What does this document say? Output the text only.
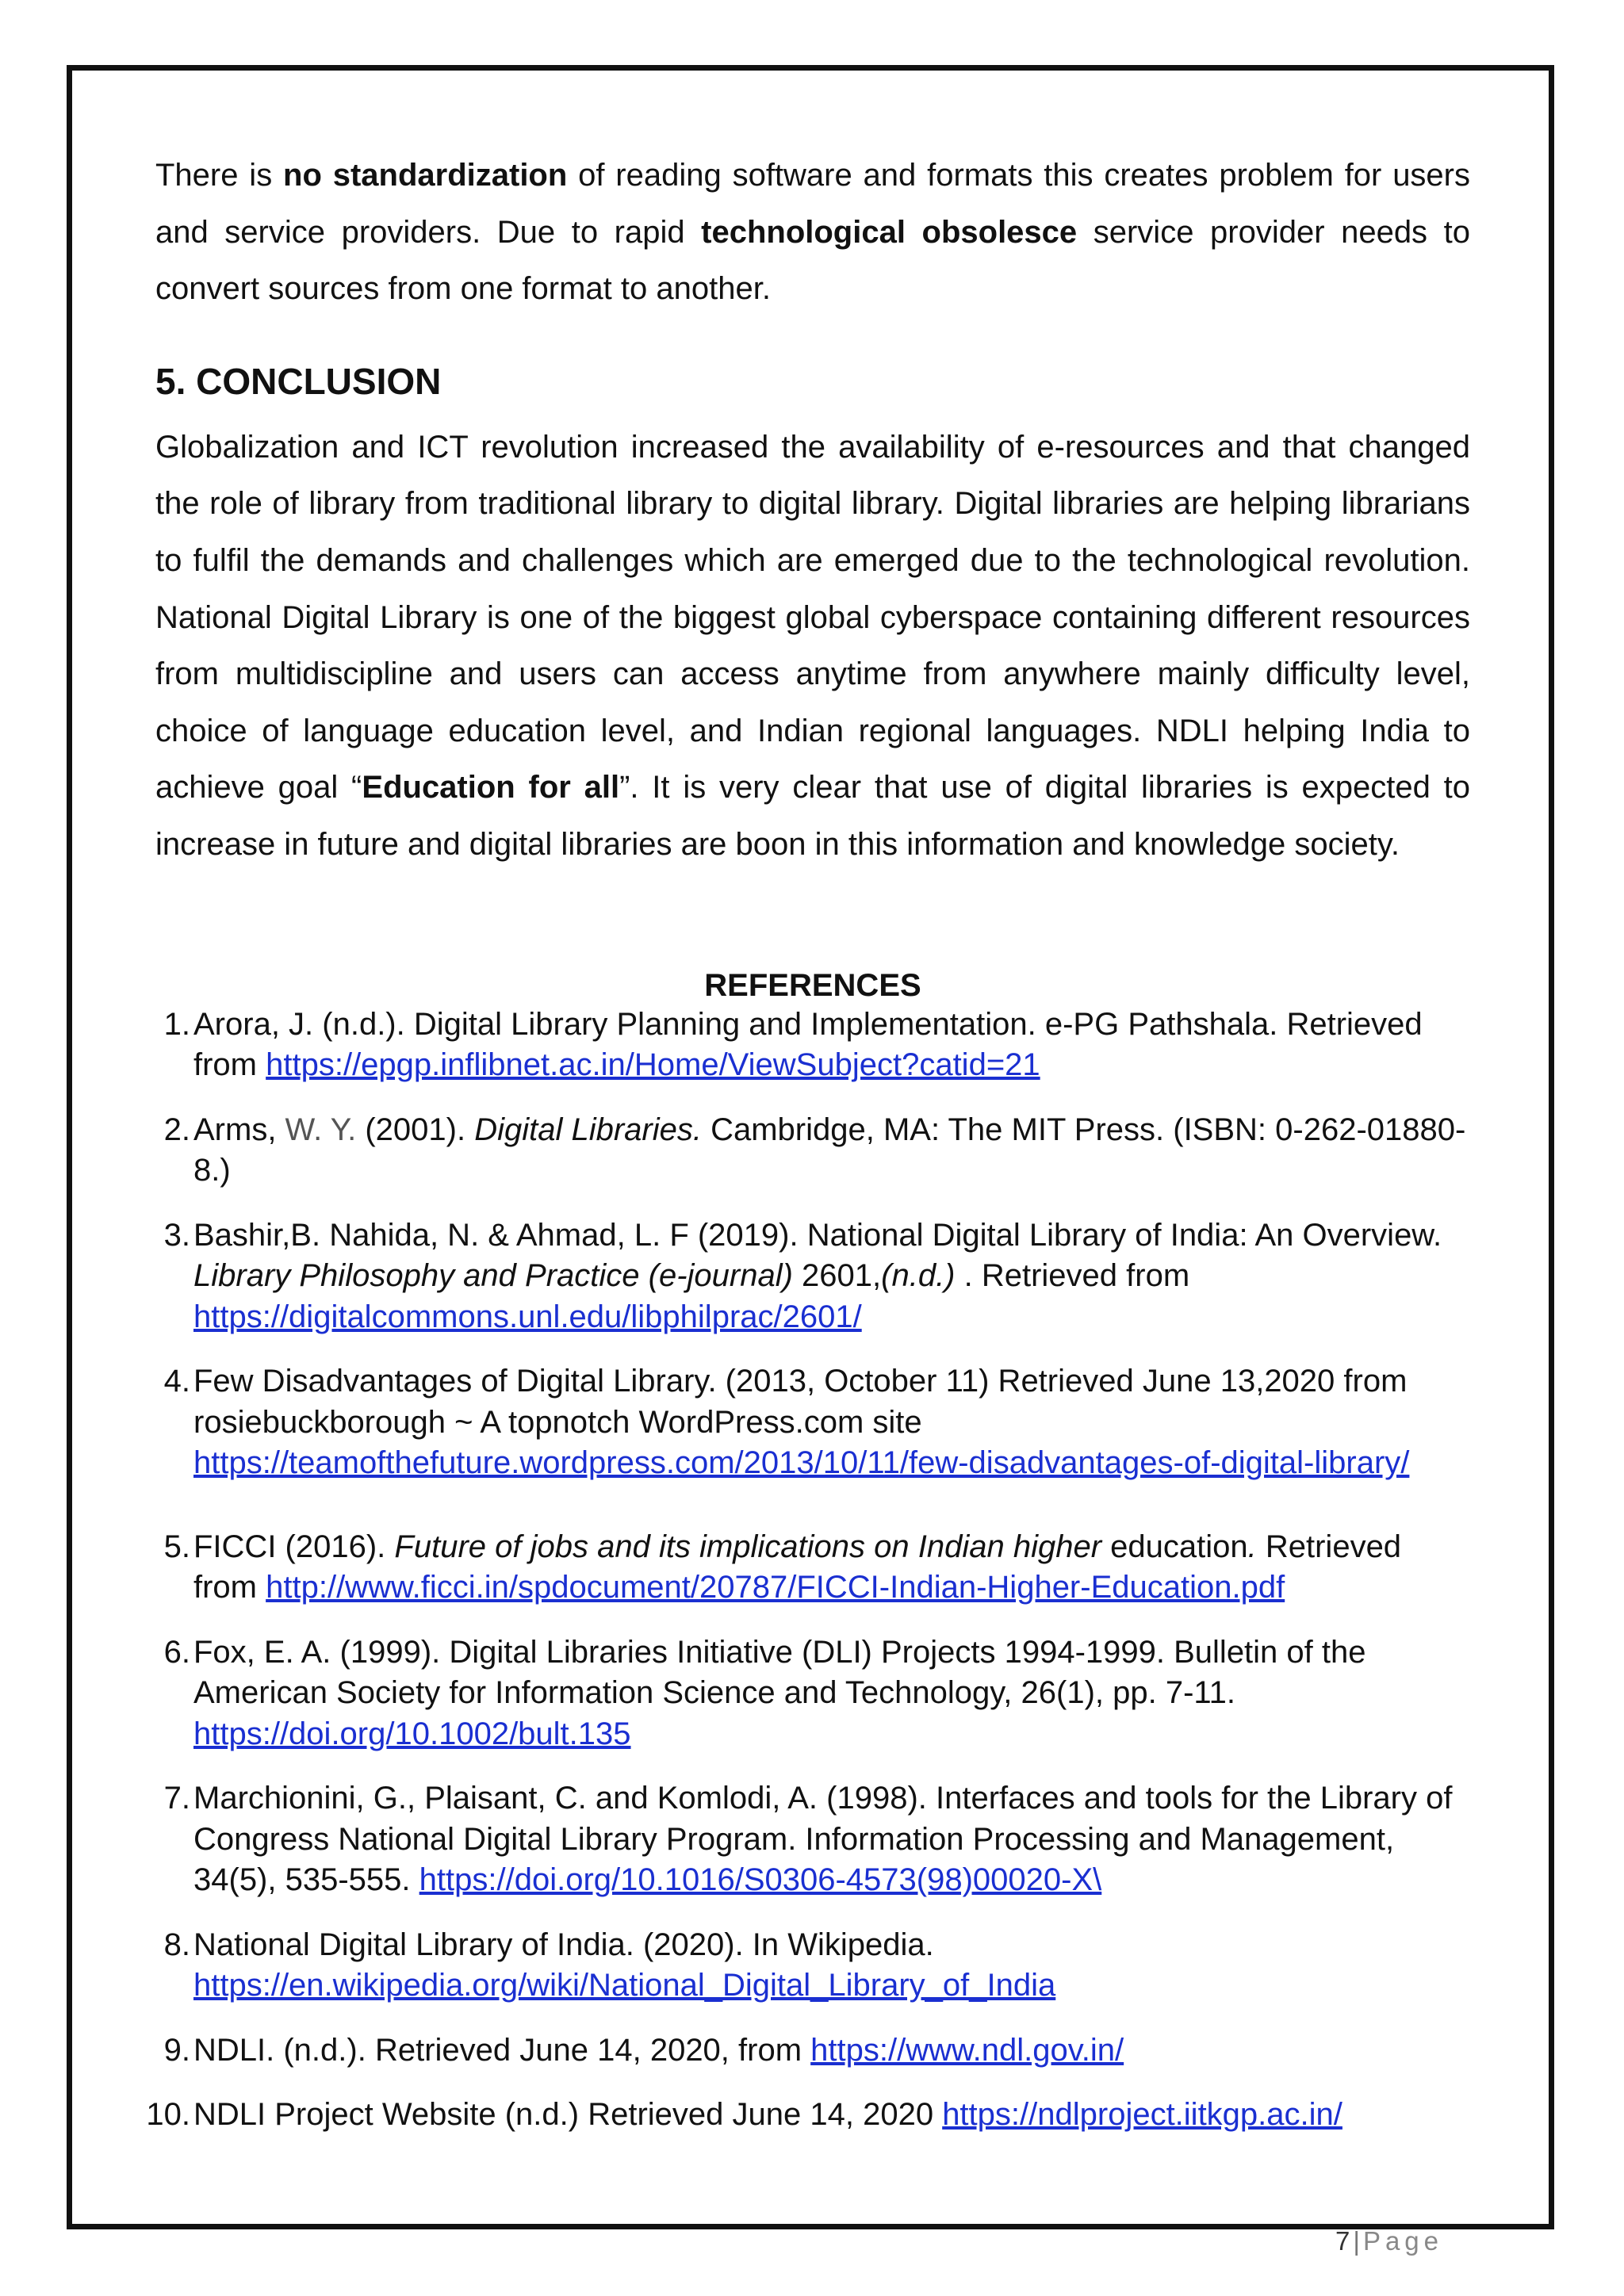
There is no standardization of reading software and formats this creates problem for users and service providers. Due to rapid technological obsolesce service provider needs to convert sources from one format to another.

5. CONCLUSION

Globalization and ICT revolution increased the availability of e-resources and that changed the role of library from traditional library to digital library. Digital libraries are helping librarians to fulfil the demands and challenges which are emerged due to the technological revolution. National Digital Library is one of the biggest global cyberspace containing different resources from multidiscipline and users can access anytime from anywhere mainly difficulty level, choice of language education level, and Indian regional languages. NDLI helping India to achieve goal “Education for all”. It is very clear that use of digital libraries is expected to increase in future and digital libraries are boon in this information and knowledge society.

REFERENCES
1. Arora, J. (n.d.). Digital Library Planning and Implementation. e-PG Pathshala. Retrieved from https://epgp.inflibnet.ac.in/Home/ViewSubject?catid=21
2. Arms, W. Y. (2001). Digital Libraries. Cambridge, MA: The MIT Press. (ISBN: 0-262-01880-8.)
3. Bashir,B. Nahida, N. & Ahmad, L. F (2019). National Digital Library of India: An Overview. Library Philosophy and Practice (e-journal) 2601,(n.d.) . Retrieved from https://digitalcommons.unl.edu/libphilprac/2601/
4. Few Disadvantages of Digital Library. (2013, October 11) Retrieved June 13,2020 from rosiebuckborough ~ A topnotch WordPress.com site https://teamofthefuture.wordpress.com/2013/10/11/few-disadvantages-of-digital-library/
5. FICCI (2016). Future of jobs and its implications on Indian higher education. Retrieved from http://www.ficci.in/spdocument/20787/FICCI-Indian-Higher-Education.pdf
6. Fox, E. A. (1999). Digital Libraries Initiative (DLI) Projects 1994-1999. Bulletin of the American Society for Information Science and Technology, 26(1), pp. 7-11. https://doi.org/10.1002/bult.135
7. Marchionini, G., Plaisant, C. and Komlodi, A. (1998). Interfaces and tools for the Library of Congress National Digital Library Program. Information Processing and Management, 34(5), 535-555. https://doi.org/10.1016/S0306-4573(98)00020-X\
8. National Digital Library of India. (2020). In Wikipedia. https://en.wikipedia.org/wiki/National_Digital_Library_of_India
9. NDLI. (n.d.). Retrieved June 14, 2020, from https://www.ndl.gov.in/
10. NDLI Project Website (n.d.) Retrieved June 14, 2020 https://ndlproject.iitkgp.ac.in/
7 | Page
